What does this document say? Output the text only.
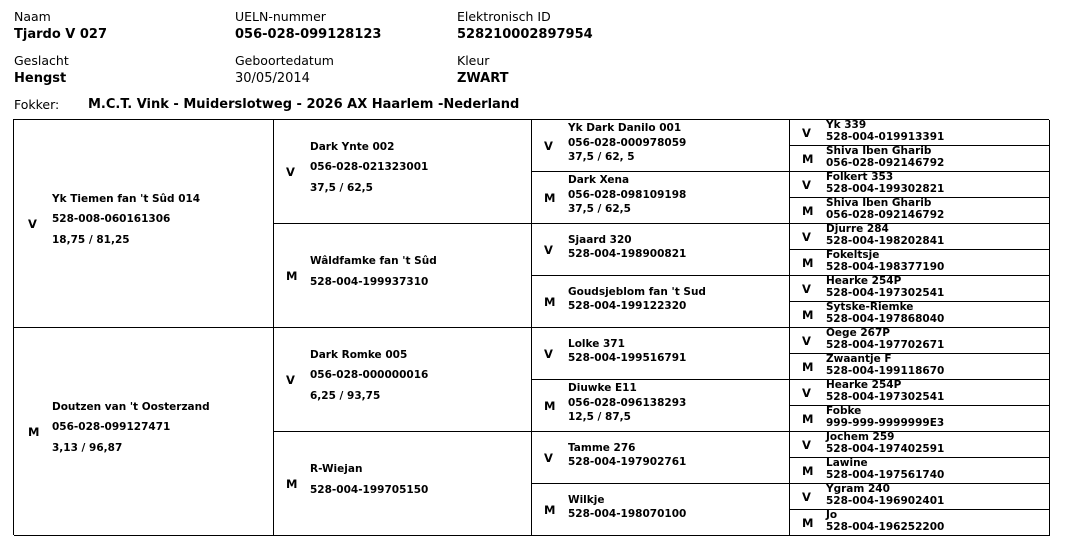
Naam
Tjardo V 027
UELN-nummer
056-028-099128123
Elektronisch ID
528210002897954
Geslacht
Hengst
Geboortedatum
30/05/2014
Kleur
ZWART
Fokker: M.C.T. Vink - Muiderslotweg - 2026 AX Haarlem -Nederland
V
Yk Tiemen fan 't Sûd 014
528-008-060161306
18,75 / 81,25
M
Doutzen van 't Oosterzand
056-028-099127471
3,13 / 96,87
V
Dark Ynte 002
056-028-021323001
37,5 / 62,5
M
Wâldfamke fan 't Sûd
528-004-199937310
V
Dark Romke 005
056-028-000000016
6,25 / 93,75
M
R-Wiejan
528-004-199705150
V
Yk Dark Danilo 001
056-028-000978059
37,5 / 62, 5
M
Dark Xena
056-028-098109198
37,5 / 62,5
V
Sjaard 320
528-004-198900821
M
Goudsjeblom fan 't Sud
528-004-199122320
V
Lolke 371
528-004-199516791
M
Diuwke E11
056-028-096138293
12,5 / 87,5
V
Tamme 276
528-004-197902761
M
Wilkje
528-004-198070100
V
Yk 339
528-004-019913391
M
Shiva Iben Gharib
056-028-092146792
V
Folkert 353
528-004-199302821
M
Shiva Iben Gharib
056-028-092146792
V
Djurre 284
528-004-198202841
M
Fokeltsje
528-004-198377190
V
Hearke 254P
528-004-197302541
M
Sytske-Riemke
528-004-197868040
V
Oege 267P
528-004-197702671
M
Zwaantje F
528-004-199118670
V
Hearke 254P
528-004-197302541
M
Fobke
999-999-9999999E3
V
Jochem 259
528-004-197402591
M
Lawine
528-004-197561740
V
Ygram 240
528-004-196902401
M
Jo
528-004-196252200
